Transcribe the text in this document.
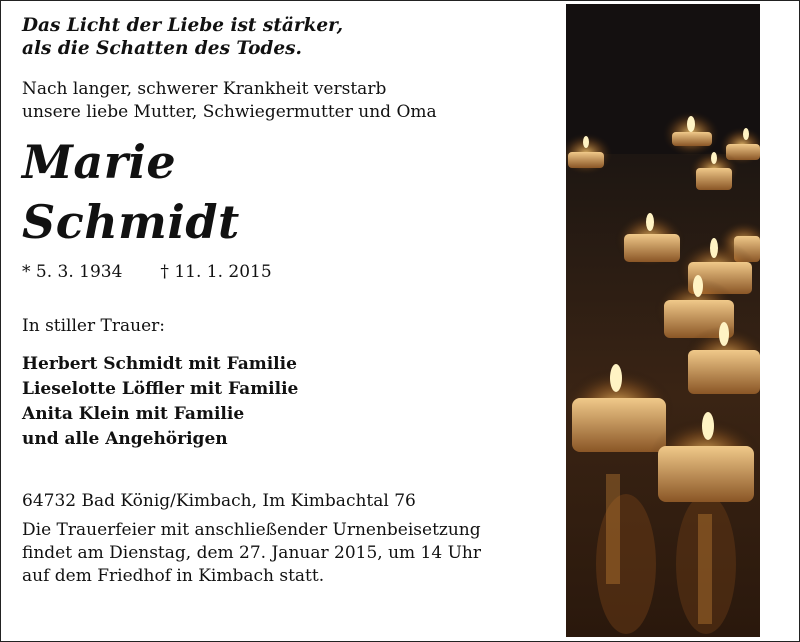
Das Licht der Liebe ist stärker,
als die Schatten des Todes.
Nach langer, schwerer Krankheit verstarb
unsere liebe Mutter, Schwiegermutter und Oma
Marie
Schmidt
* 5. 3. 1934 † 11. 1. 2015
In stiller Trauer:
Herbert Schmidt mit Familie
Lieselotte Löffler mit Familie
Anita Klein mit Familie
und alle Angehörigen
64732 Bad König/Kimbach, Im Kimbachtal 76
Die Trauerfeier mit anschließender Urnenbeisetzung
findet am Dienstag, dem 27. Januar 2015, um 14 Uhr
auf dem Friedhof in Kimbach statt.
